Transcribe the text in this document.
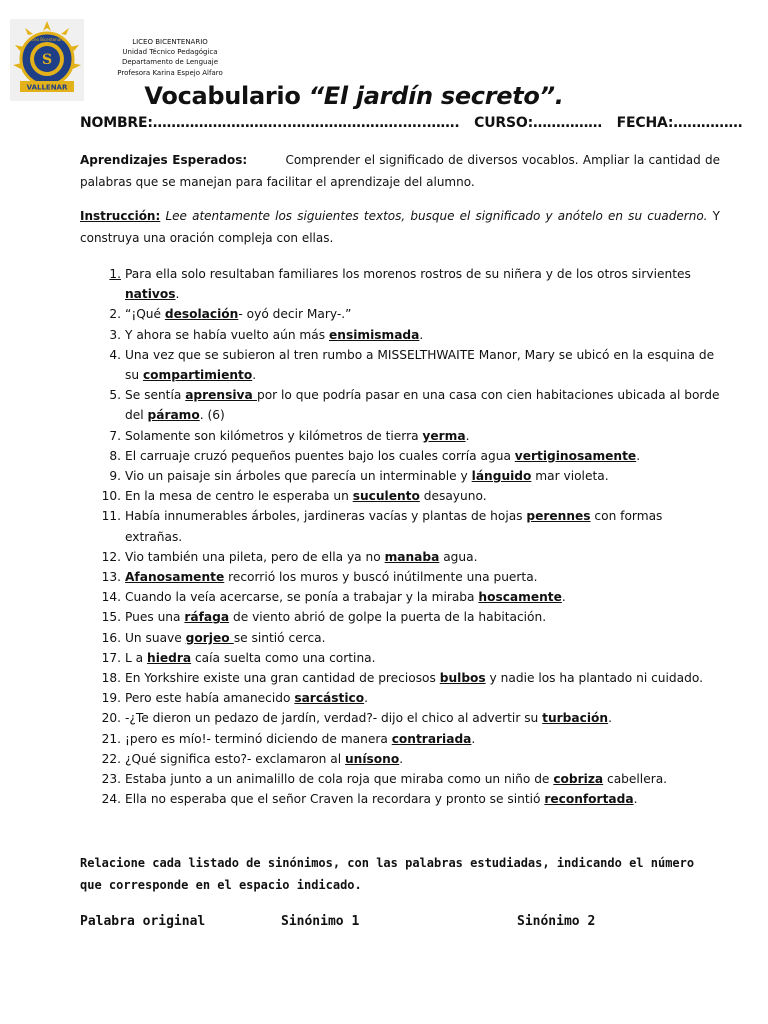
S
VALLENAR
Liceo Bicentenario	LICEO BICENTENARIO
Unidad Técnico Pedagógica
Departamento de Lenguaje
Profesora Karina Espejo Alfaro
Vocabulario “El jardín secreto”.
NOMBRE:………………………..…………………….…..……. CURSO:…………… FECHA:……………
Aprendizajes Esperados:	Comprender el significado de diversos vocablos. Ampliar la cantidad de palabras que se manejan para facilitar el aprendizaje del alumno.
Instrucción: Lee atentamente los siguientes textos, busque el significado y anótelo en su cuaderno. Y construya una oración compleja con ellas.
1. Para ella solo resultaban familiares los morenos rostros de su niñera y de los otros sirvientes nativos.
2. “¡Qué desolación- oyó decir Mary-.”
3. Y ahora se había vuelto aún más ensimismada.
4. Una vez que se subieron al tren rumbo a MISSELTHWAITE Manor, Mary se ubicó en la esquina de su compartimiento.
5. Se sentía aprensiva por lo que podría pasar en una casa con cien habitaciones ubicada al borde del páramo. (6)
7. Solamente son kilómetros y kilómetros de tierra yerma.
8. El carruaje cruzó pequeños puentes bajo los cuales corría agua vertiginosamente.
9. Vio un paisaje sin árboles que parecía un interminable y lánguido mar violeta.
10. En la mesa de centro le esperaba un suculento desayuno.
11. Había innumerables árboles, jardineras vacías y plantas de hojas perennes con formas extrañas.
12. Vio también una pileta, pero de ella ya no manaba agua.
13. Afanosamente recorrió los muros y buscó inútilmente una puerta.
14. Cuando la veía acercarse, se ponía a trabajar y la miraba hoscamente.
15. Pues una ráfaga de viento abrió de golpe la puerta de la habitación.
16. Un suave gorjeo se sintió cerca.
17. L a hiedra caía suelta como una cortina.
18. En Yorkshire existe una gran cantidad de preciosos bulbos y nadie los ha plantado ni cuidado.
19. Pero este había amanecido sarcástico.
20. -¿Te dieron un pedazo de jardín, verdad?- dijo el chico al advertir su turbación.
21. ¡pero es mío!- terminó diciendo de manera contrariada.
22. ¿Qué significa esto?- exclamaron al unísono.
23. Estaba junto a un animalillo de cola roja que miraba como un niño de cobriza cabellera.
24. Ella no esperaba que el señor Craven la recordara y pronto se sintió reconfortada.
Relacione cada listado de sinónimos, con las palabras estudiadas, indicando el número que corresponde en el espacio indicado.
Palabra original	Sinónimo 1	Sinónimo 2
